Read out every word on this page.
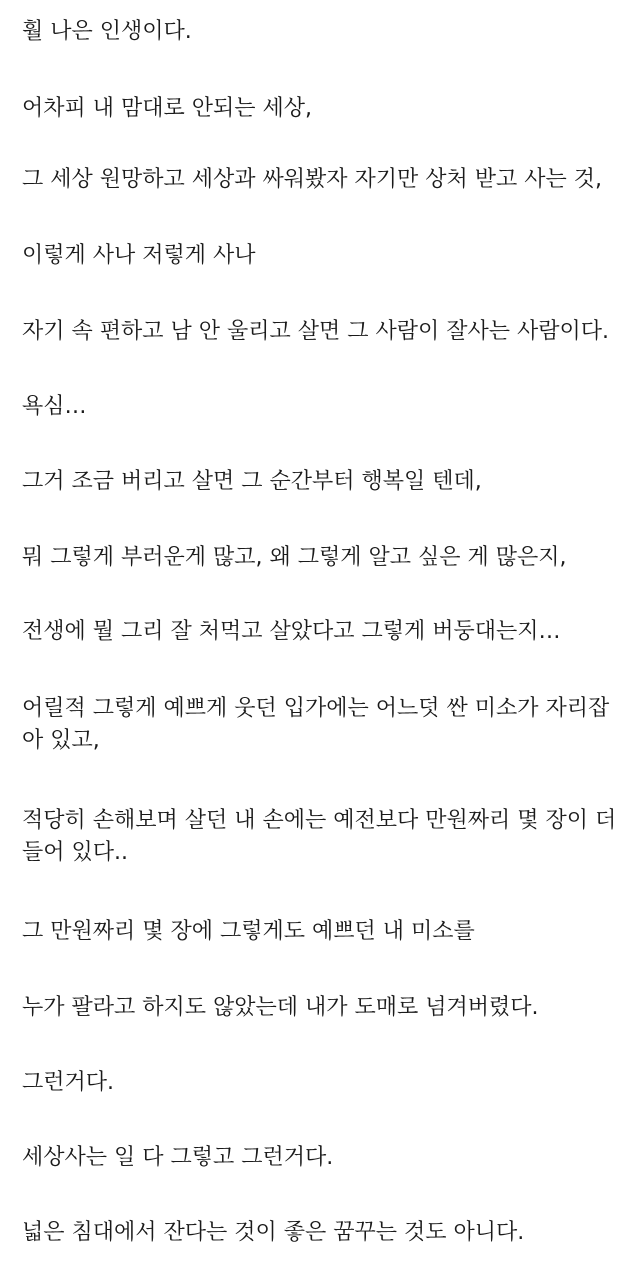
훨 나은 인생이다.

어차피 내 맘대로 안되는 세상,

그 세상 원망하고 세상과 싸워봤자 자기만 상처 받고 사는 것,

이렇게 사나 저렇게 사나

자기 속 편하고 남 안 울리고 살면 그 사람이 잘사는 사람이다.

욕심…

그거 조금 버리고 살면 그 순간부터 행복일 텐데,

뭐 그렇게 부러운게 많고, 왜 그렇게 알고 싶은 게 많은지,

전생에 뭘 그리 잘 처먹고 살았다고 그렇게 버둥대는지…

어릴적 그렇게 예쁘게 웃던 입가에는 어느덧 싼 미소가 자리잡
아 있고,

적당히 손해보며 살던 내 손에는 예전보다 만원짜리 몇 장이 더
들어 있다..

그 만원짜리 몇 장에 그렇게도 예쁘던 내 미소를

누가 팔라고 하지도 않았는데 내가 도매로 넘겨버렸다.

그런거다.

세상사는 일 다 그렇고 그런거다.

넓은 침대에서 잔다는 것이 좋은 꿈꾸는 것도 아니다.
